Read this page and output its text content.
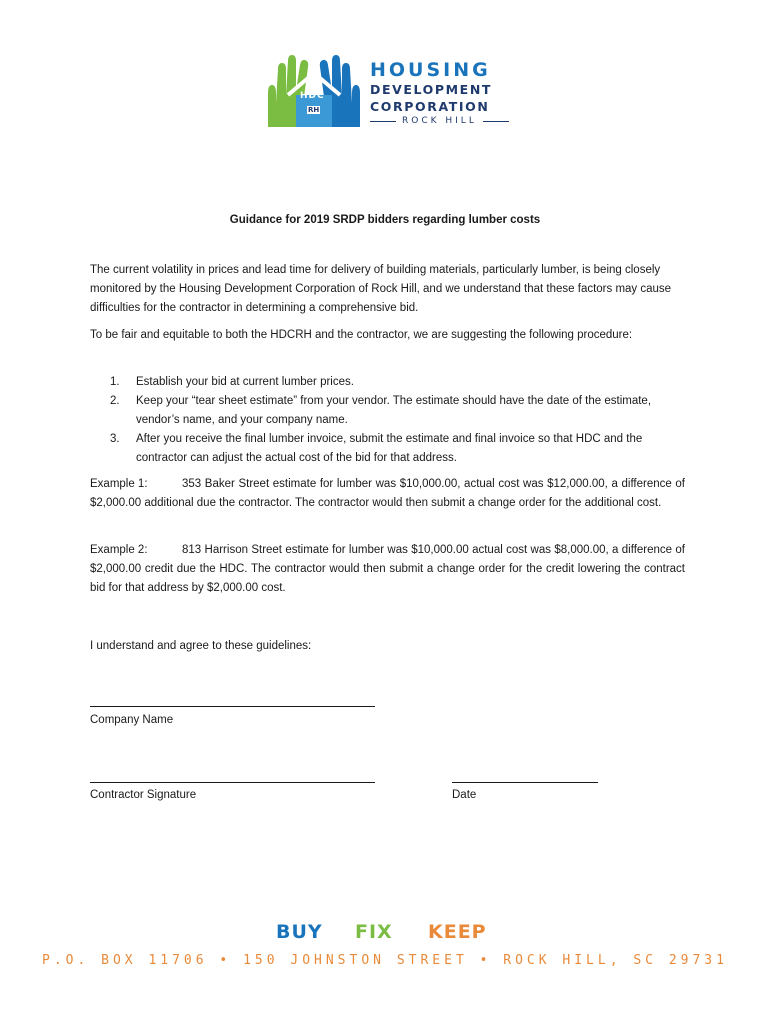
HDC
RH
HOUSING
DEVELOPMENT
CORPORATION
ROCK HILL
Guidance for 2019 SRDP bidders regarding lumber costs
The current volatility in prices and lead time for delivery of building materials, particularly lumber, is being closely monitored by the Housing Development Corporation of Rock Hill, and we understand that these factors may cause difficulties for the contractor in determining a comprehensive bid.
To be fair and equitable to both the HDCRH and the contractor, we are suggesting the following procedure:
1.	Establish your bid at current lumber prices.
2.	Keep your “tear sheet estimate” from your vendor. The estimate should have the date of the estimate, vendor’s name, and your company name.
3.	After you receive the final lumber invoice, submit the estimate and final invoice so that HDC and the contractor can adjust the actual cost of the bid for that address.
Example 1:	353 Baker Street estimate for lumber was $10,000.00, actual cost was $12,000.00, a difference of $2,000.00 additional due the contractor. The contractor would then submit a change order for the additional cost.
Example 2:	813 Harrison Street estimate for lumber was $10,000.00 actual cost was $8,000.00, a difference of $2,000.00 credit due the HDC. The contractor would then submit a change order for the credit lowering the contract bid for that address by $2,000.00 cost.
I understand and agree to these guidelines:
Company Name
Contractor Signature	Date
BUY FIX KEEP
P.O. BOX 11706 • 150 JOHNSTON STREET • ROCK HILL, SC 29731
